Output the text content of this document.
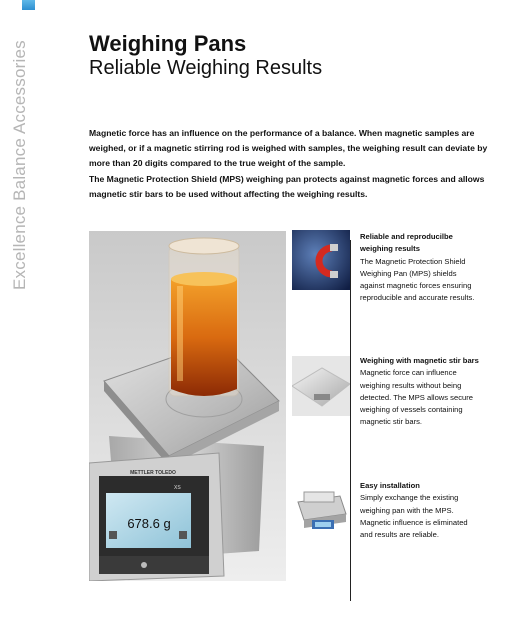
Excellence Balance Accessories	Weighing Pans
Reliable Weighing Results

Magnetic force has an influence on the performance of a balance. When magnetic samples are weighed, or if a magnetic stirring rod is weighed with samples, the weighing result can deviate by more than 20 digits compared to the true weight of the sample.

The Magnetic Protection Shield (MPS) weighing pan protects against magnetic forces and allows magnetic stir bars to be used without affecting the weighing results.

METTLER TOLEDO
XS
678.6 g

Reliable and reproducilbe

weighing results

The Magnetic Protection Shield

Weighing Pan (MPS) shields

against magnetic forces ensuring

reproducible and accurate results.

Weighing with magnetic stir bars

Magnetic force can influence

weighing results without being

detected. The MPS allows secure

weighing of vessels containing

magnetic stir bars.

Easy installation

Simply exchange the existing

weighing pan with the MPS.

Magnetic influence is eliminated

and results are reliable.
